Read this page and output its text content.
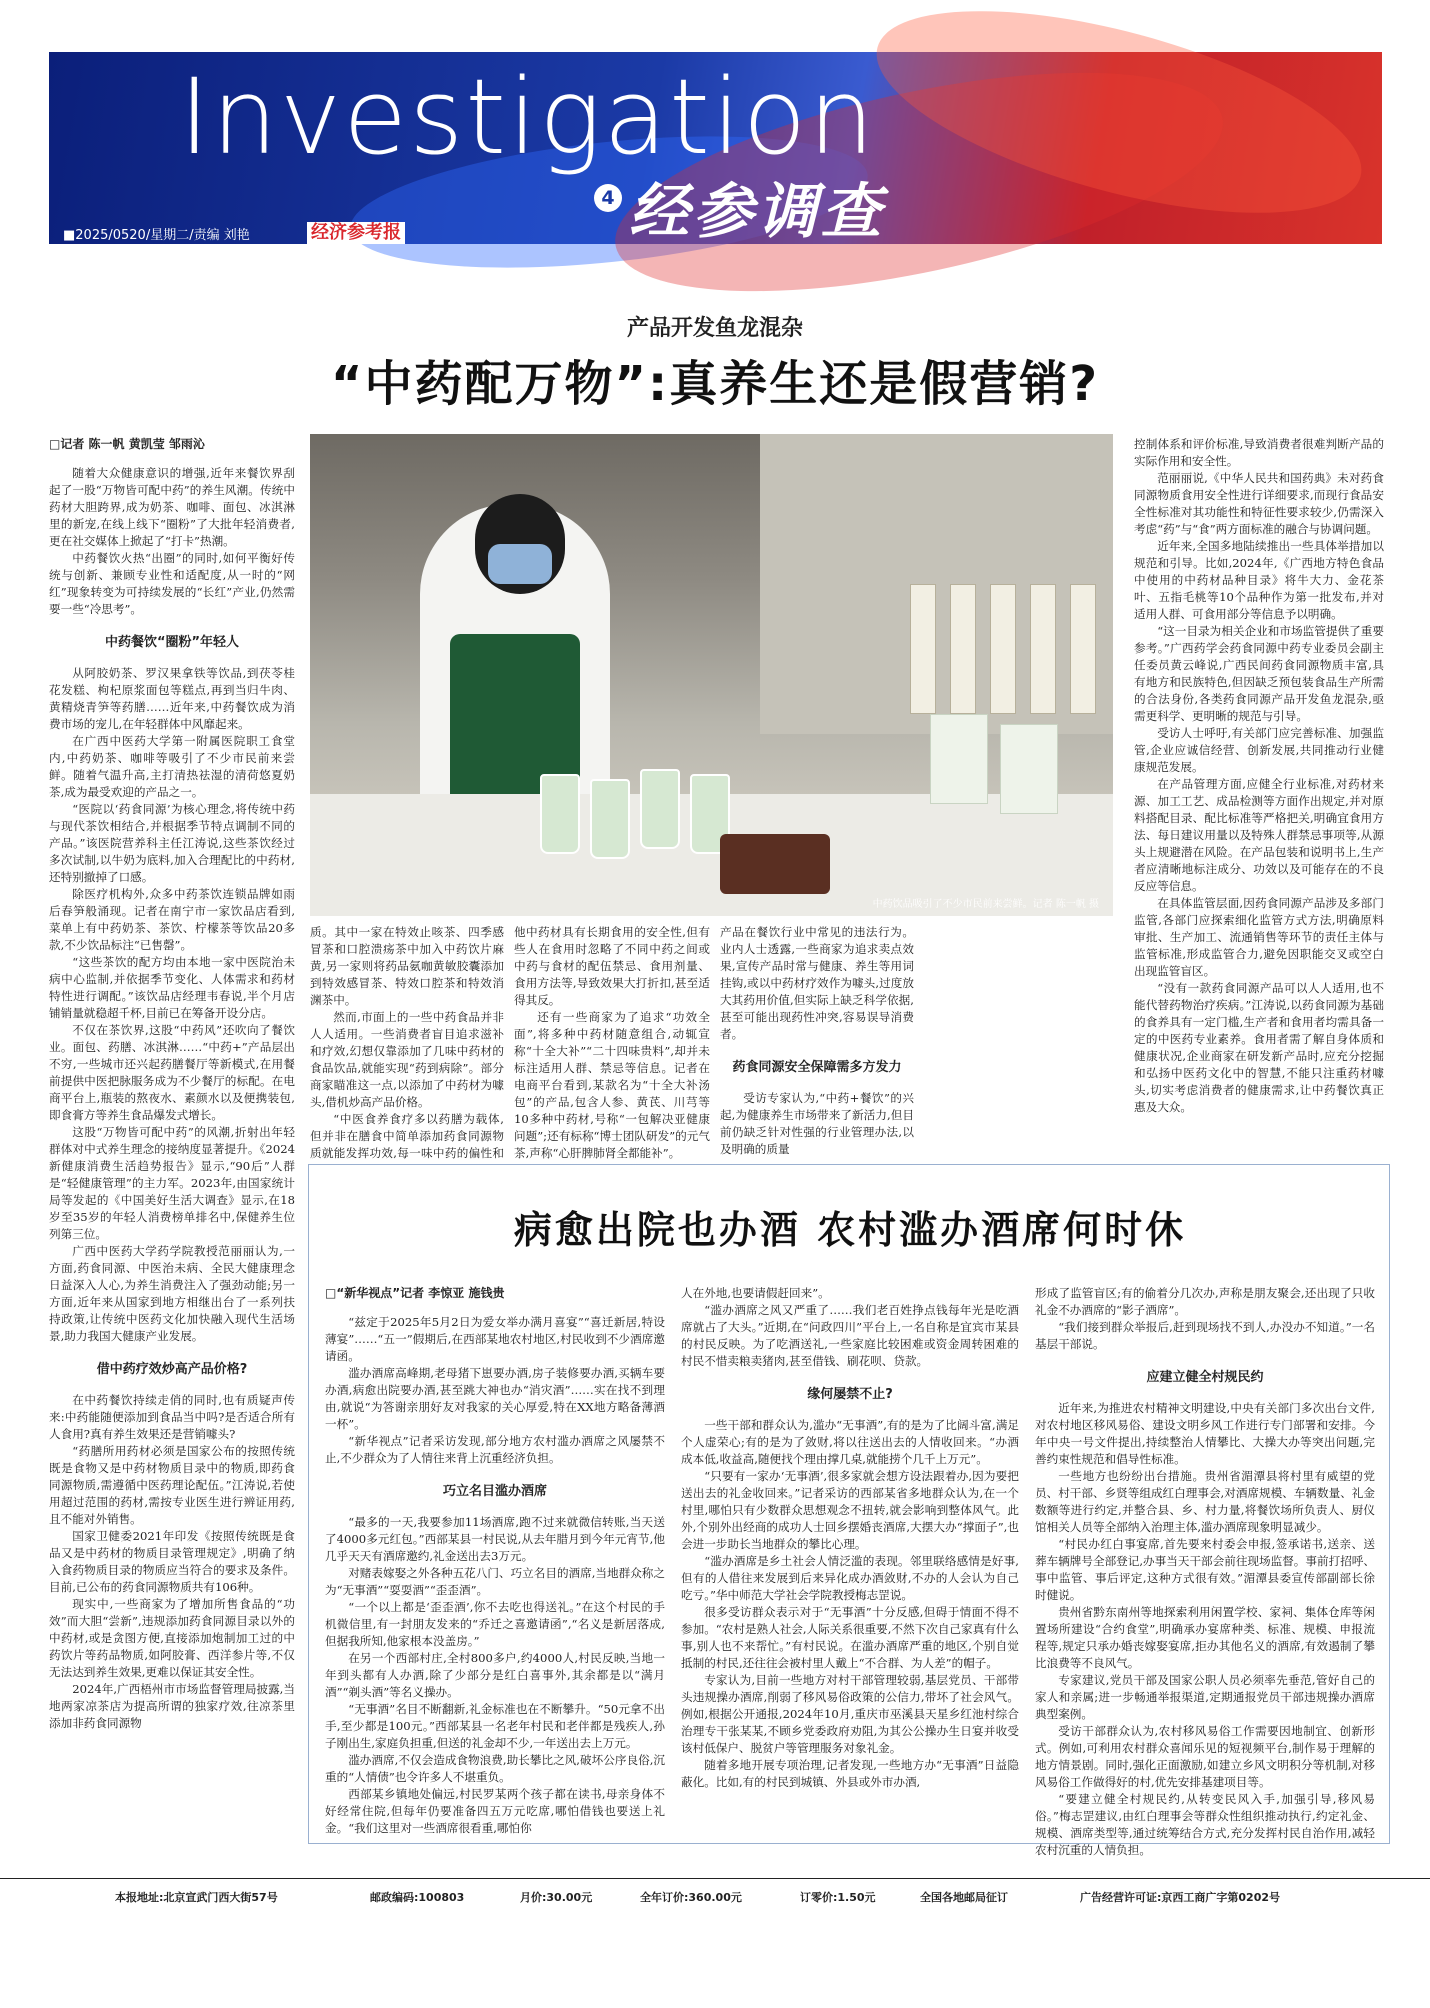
Investigation
4 经参调查
■2025/0520/星期二/责编 刘艳	经济参考报
产品开发鱼龙混杂
“中药配万物”:真养生还是假营销?

□记者 陈一帆 黄凯莹 邹雨沁

随着大众健康意识的增强,近年来餐饮界刮起了一股“万物皆可配中药”的养生风潮。传统中药材大胆跨界,成为奶茶、咖啡、面包、冰淇淋里的新宠,在线上线下“圈粉”了大批年轻消费者,更在社交媒体上掀起了“打卡”热潮。

中药餐饮火热“出圈”的同时,如何平衡好传统与创新、兼顾专业性和适配度,从一时的“网红”现象转变为可持续发展的“长红”产业,仍然需要一些“冷思考”。

中药餐饮“圈粉”年轻人

从阿胶奶茶、罗汉果拿铁等饮品,到茯苓桂花发糕、枸杞原浆面包等糕点,再到当归牛肉、黄精烧青笋等药膳……近年来,中药餐饮成为消费市场的宠儿,在年轻群体中风靡起来。

在广西中医药大学第一附属医院职工食堂内,中药奶茶、咖啡等吸引了不少市民前来尝鲜。随着气温升高,主打清热祛湿的清荷悠夏奶茶,成为最受欢迎的产品之一。

“医院以‘药食同源’为核心理念,将传统中药与现代茶饮相结合,并根据季节特点调制不同的产品。”该医院营养科主任江涛说,这些茶饮经过多次试制,以牛奶为底料,加入合理配比的中药材,还特别撤掉了口感。

除医疗机构外,众多中药茶饮连锁品牌如雨后春笋般涌现。记者在南宁市一家饮品店看到,菜单上有中药奶茶、茶饮、柠檬茶等饮品20多款,不少饮品标注“已售罄”。

“这些茶饮的配方均由本地一家中医院治未病中心监制,并依据季节变化、人体需求和药材特性进行调配。”该饮品店经理韦春说,半个月店铺销量就稳超千杯,目前已在筹备开设分店。

不仅在茶饮界,这股“中药风”还吹向了餐饮业。面包、药膳、冰淇淋……“中药+”产品层出不穷,一些城市还兴起药膳餐厅等新模式,在用餐前提供中医把脉服务成为不少餐厅的标配。在电商平台上,瓶装的熬夜水、素颜水以及便携装包,即食膏方等养生食品爆发式增长。

这股“万物皆可配中药”的风潮,折射出年轻群体对中式养生理念的接纳度显著提升。《2024新健康消费生活趋势报告》显示,“90后”人群是“轻健康管理”的主力军。2023年,由国家统计局等发起的《中国美好生活大调查》显示,在18岁至35岁的年轻人消费榜单排名中,保健养生位列第三位。

广西中医药大学药学院教授范丽丽认为,一方面,药食同源、中医治未病、全民大健康理念日益深入人心,为养生消费注入了强劲动能;另一方面,近年来从国家到地方相继出台了一系列扶持政策,让传统中医药文化加快融入现代生活场景,助力我国大健康产业发展。

借中药疗效炒高产品价格?

在中药餐饮持续走俏的同时,也有质疑声传来:中药能随便添加到食品当中吗?是否适合所有人食用?真有养生效果还是营销噱头?

“药膳所用药材必须是国家公布的按照传统既是食物又是中药材物质目录中的物质,即药食同源物质,需遵循中医药理论配伍。”江涛说,若使用超过范围的药材,需按专业医生进行辨证用药,且不能对外销售。

国家卫健委2021年印发《按照传统既是食品又是中药材的物质目录管理规定》,明确了纳入食药物质目录的物质应当符合的要求及条件。目前,已公布的药食同源物质共有106种。

现实中,一些商家为了增加所售食品的“功效”而大胆“尝新”,违规添加药食同源目录以外的中药材,或是贪图方便,直接添加炮制加工过的中药饮片等药品物质,如阿胶膏、西洋参片等,不仅无法达到养生效果,更难以保证其安全性。

2024年,广西梧州市市场监督管理局披露,当地两家凉茶店为提高所谓的独家疗效,往凉茶里添加非药食同源物

中药饮品吸引了不少市民前来尝鲜。记者 陈一帆 摄

质。其中一家在特效止咳茶、四季感冒茶和口腔溃疡茶中加入中药饮片麻黄,另一家则将药品氨咖黄敏胶囊添加到特效感冒茶、特效口腔茶和特效消渊茶中。

然而,市面上的一些中药食品并非人人适用。一些消费者盲目追求滋补和疗效,幻想仅靠添加了几味中药材的食品饮品,就能实现“药到病除”。部分商家瞄准这一点,以添加了中药材为噱头,借机炒高产品价格。

“中医食养食疗多以药膳为载体,但并非在膳食中简单添加药食同源物质就能发挥功效,每一味中药的偏性和

他中药材具有长期食用的安全性,但有些人在食用时忽略了不同中药之间或中药与食材的配伍禁忌、食用剂量、食用方法等,导致效果大打折扣,甚至适得其反。

还有一些商家为了追求“功效全面”,将多种中药材随意组合,动辄宣称“十全大补”“二十四味贵料”,却并未标注适用人群、禁忌等信息。记者在电商平台看到,某款名为“十全大补汤包”的产品,包含人参、黄芪、川芎等10多种中药材,号称“一包解决亚健康问题”;还有标称“博士团队研发”的元气茶,声称“心肝脾肺肾全都能补”。

产品在餐饮行业中常见的违法行为。业内人士透露,一些商家为追求卖点效果,宣传产品时常与健康、养生等用词挂钩,或以中药材疗效作为噱头,过度放大其药用价值,但实际上缺乏科学依据,甚至可能出现药性冲突,容易误导消费者。

药食同源安全保障需多方发力

受访专家认为,“中药+餐饮”的兴起,为健康养生市场带来了新活力,但目前仍缺乏针对性强的行业管理办法,以及明确的质量

控制体系和评价标准,导致消费者很难判断产品的实际作用和安全性。

范丽丽说,《中华人民共和国药典》未对药食同源物质食用安全性进行详细要求,而现行食品安全性标准对其功能性和特征性要求较少,仍需深入考虑“药”与“食”两方面标准的融合与协调问题。

近年来,全国多地陆续推出一些具体举措加以规范和引导。比如,2024年,《广西地方特色食品中使用的中药材品种目录》将牛大力、金花茶叶、五指毛桃等10个品种作为第一批发布,并对适用人群、可食用部分等信息予以明确。

“这一目录为相关企业和市场监管提供了重要参考。”广西药学会药食同源中药专业委员会副主任委员黄云峰说,广西民间药食同源物质丰富,具有地方和民族特色,但因缺乏预包装食品生产所需的合法身份,各类药食同源产品开发鱼龙混杂,亟需更科学、更明晰的规范与引导。

受访人士呼吁,有关部门应完善标准、加强监管,企业应诚信经营、创新发展,共同推动行业健康规范发展。

在产品管理方面,应健全行业标准,对药材来源、加工工艺、成品检测等方面作出规定,并对原料搭配目录、配比标准等严格把关,明确宜食用方法、每日建议用量以及特殊人群禁忌事项等,从源头上规避潜在风险。在产品包装和说明书上,生产者应清晰地标注成分、功效以及可能存在的不良反应等信息。

在具体监管层面,因药食同源产品涉及多部门监管,各部门应探索细化监管方式方法,明确原料审批、生产加工、流通销售等环节的责任主体与监管标准,形成监管合力,避免因职能交叉或空白出现监管盲区。

“没有一款药食同源产品可以人人适用,也不能代替药物治疗疾病。”江涛说,以药食同源为基础的食养具有一定门槛,生产者和食用者均需具备一定的中医药专业素养。食用者需了解自身体质和健康状况,企业商家在研发新产品时,应充分挖掘和弘扬中医药文化中的智慧,不能只注重药材噱头,切实考虑消费者的健康需求,让中药餐饮真正惠及大众。

病愈出院也办酒 农村滥办酒席何时休

□“新华视点”记者 李惊亚 施钱贵

“兹定于2025年5月2日为爱女举办满月喜宴”“喜迁新居,特设薄宴”……“五一”假期后,在西部某地农村地区,村民收到不少酒席邀请函。

滥办酒席高峰期,老母猪下崽要办酒,房子装修要办酒,买辆车要办酒,病愈出院要办酒,甚至跳大神也办“消灾酒”……实在找不到理由,就说“为答谢亲朋好友对我家的关心厚爱,特在XX地方略备薄酒一杯”。

“新华视点”记者采访发现,部分地方农村滥办酒席之风屡禁不止,不少群众为了人情往来背上沉重经济负担。

巧立名目滥办酒席

“最多的一天,我要参加11场酒席,跑不过来就微信转账,当天送了4000多元红包。”西部某县一村民说,从去年腊月到今年元宵节,他几乎天天有酒席邀约,礼金送出去3万元。

对赌表嫁娶之外各种五花八门、巧立名目的酒席,当地群众称之为“无事酒”“耍耍酒”“歪歪酒”。

“一个以上都是‘歪歪酒’,你不去吃也得送礼。”在这个村民的手机微信里,有一封朋友发来的“乔迁之喜邀请函”,“名义是新居落成,但据我所知,他家根本没盖房。”

在另一个西部村庄,全村800多户,约4000人,村民反映,当地一年到头都有人办酒,除了少部分是红白喜事外,其余都是以“满月酒”“剃头酒”等名义操办。

“无事酒”名目不断翻新,礼金标准也在不断攀升。“50元拿不出手,至少都是100元。”西部某县一名老年村民和老伴都是残疾人,孙子刚出生,家庭负担重,但送的礼金却不少,一年送出去上万元。

滥办酒席,不仅会造成食物浪费,助长攀比之风,破坏公序良俗,沉重的“人情债”也令许多人不堪重负。

西部某乡镇地处偏远,村民罗某两个孩子都在读书,母亲身体不好经常住院,但每年仍要准备四五万元吃席,哪怕借钱也要送上礼金。“我们这里对一些酒席很看重,哪怕你

人在外地,也要请假赶回来”。

“滥办酒席之风又严重了……我们老百姓挣点钱每年光是吃酒席就占了大头。”近期,在“问政四川”平台上,一名自称是宜宾市某县的村民反映。为了吃酒送礼,一些家庭比较困难或资金周转困难的村民不惜卖粮卖猪肉,甚至借钱、刷花呗、贷款。

缘何屡禁不止?

一些干部和群众认为,滥办“无事酒”,有的是为了比阔斗富,满足个人虚荣心;有的是为了敛财,将以往送出去的人情收回来。“办酒成本低,收益高,随便找个理由撑几桌,就能捞个几千上万元”。

“只要有一家办‘无事酒’,很多家就会想方设法跟着办,因为要把送出去的礼金收回来。”记者采访的西部某省多地群众认为,在一个村里,哪怕只有少数群众思想观念不扭转,就会影响到整体风气。此外,个别外出经商的成功人士回乡摆婚丧酒席,大摆大办“撑面子”,也会进一步助长当地群众的攀比心理。

“滥办酒席是乡土社会人情泛滥的表现。邻里联络感情是好事,但有的人借往来发展到后来异化成办酒敛财,不办的人会认为自己吃亏。”华中师范大学社会学院教授梅志罡说。

很多受访群众表示对于“无事酒”十分反感,但碍于情面不得不参加。“农村是熟人社会,人际关系很重要,不然下次自己家真有什么事,别人也不来帮忙。”有村民说。在滥办酒席严重的地区,个别自觉抵制的村民,还往往会被村里人戴上“不合群、为人差”的帽子。

专家认为,目前一些地方对村干部管理较弱,基层党员、干部带头违规操办酒席,削弱了移风易俗政策的公信力,带坏了社会风气。例如,根据公开通报,2024年10月,重庆市巫溪县天星乡红池村综合治理专干张某某,不顾乡党委政府劝阻,为其公公操办生日宴并收受该村低保户、脱贫户等管理服务对象礼金。

随着多地开展专项治理,记者发现,一些地方办“无事酒”日益隐蔽化。比如,有的村民到城镇、外县或外市办酒,

形成了监管盲区;有的偷着分几次办,声称是朋友聚会,还出现了只收礼金不办酒席的“影子酒席”。

“我们接到群众举报后,赶到现场找不到人,办没办不知道。”一名基层干部说。

应建立健全村规民约

近年来,为推进农村精神文明建设,中央有关部门多次出台文件,对农村地区移风易俗、建设文明乡风工作进行专门部署和安排。今年中央一号文件提出,持续整治人情攀比、大操大办等突出问题,完善约束性规范和倡导性标准。

一些地方也纷纷出台措施。贵州省湄潭县将村里有威望的党员、村干部、乡贤等组成红白理事会,对酒席规模、车辆数量、礼金数额等进行约定,并整合县、乡、村力量,将餐饮场所负责人、厨仪馆相关人员等全部纳入治理主体,滥办酒席现象明显减少。

“村民办红白事宴席,首先要来村委会申报,签承诺书,送亲、送葬车辆牌号全部登记,办事当天干部会前往现场监督。事前打招呼、事中监管、事后评定,这种方式很有效。”湄潭县委宣传部副部长徐时健说。

贵州省黔东南州等地探索利用闲置学校、家祠、集体仓库等闲置场所建设“合约食堂”,明确承办宴席种类、标准、规模、申报流程等,规定只承办婚丧嫁娶宴席,拒办其他名义的酒席,有效遏制了攀比浪费等不良风气。

专家建议,党员干部及国家公职人员必须率先垂范,管好自己的家人和亲属;进一步畅通举报渠道,定期通报党员干部违规操办酒席典型案例。

受访干部群众认为,农村移风易俗工作需要因地制宜、创新形式。例如,可利用农村群众喜闻乐见的短视频平台,制作易于理解的地方情景剧。同时,强化正面激励,如建立乡风文明积分等机制,对移风易俗工作做得好的村,优先安排基建项目等。

“要建立健全村规民约,从转变民风入手,加强引导,移风易俗。”梅志罡建议,由红白理事会等群众性组织推动执行,约定礼金、规模、酒席类型等,通过统筹结合方式,充分发挥村民自治作用,减轻农村沉重的人情负担。

本报地址:北京宣武门西大街57号	邮政编码:100803	月价:30.00元	全年订价:360.00元	订零价:1.50元	全国各地邮局征订	广告经营许可证:京西工商广字第0202号
